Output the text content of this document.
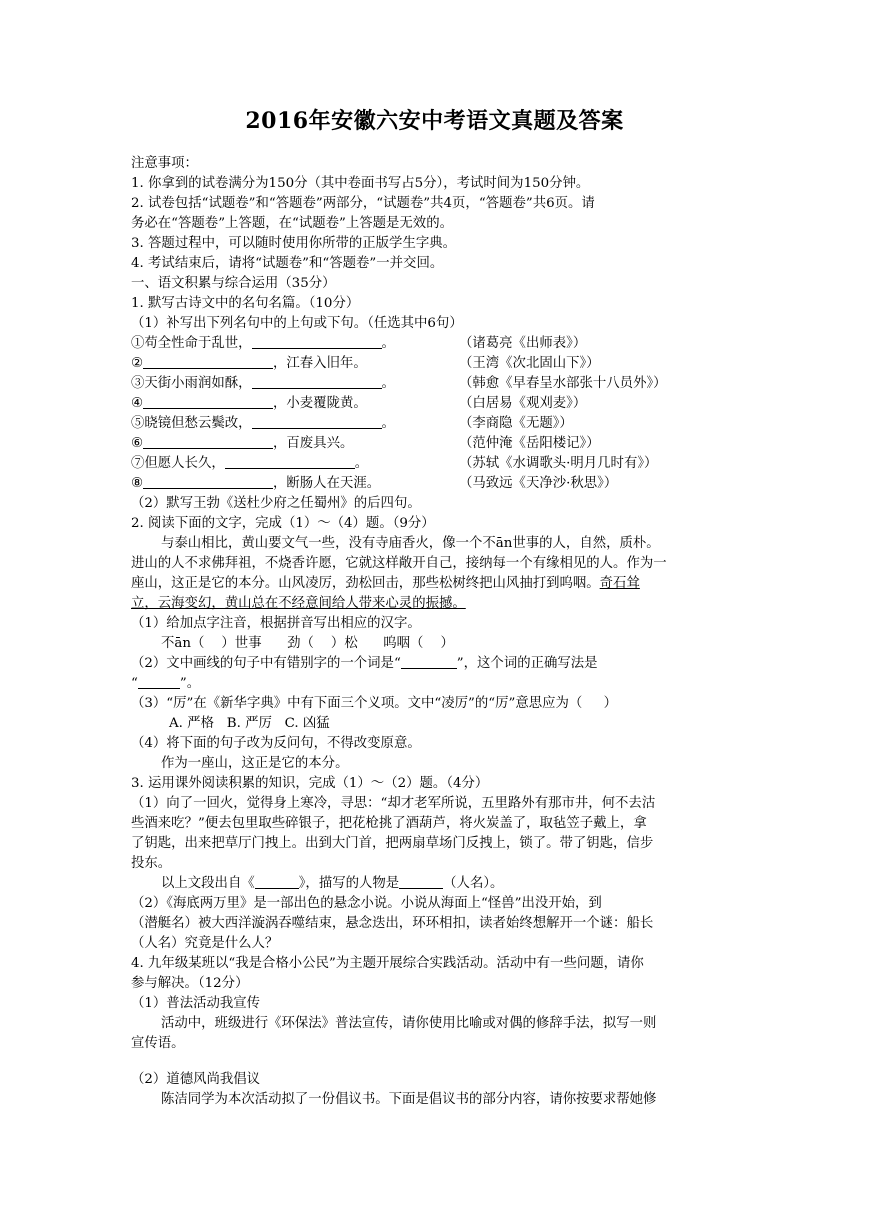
2016年安徽六安中考语文真题及答案
注意事项：
1. 你拿到的试卷满分为150分（其中卷面书写占5分），考试时间为150分钟。
2. 试卷包括“试题卷”和“答题卷”两部分，“试题卷”共4页，“答题卷”共6页。请
务必在“答题卷”上答题，在“试题卷”上答题是无效的。
3. 答题过程中，可以随时使用你所带的正版学生字典。
4. 考试结束后，请将“试题卷”和“答题卷”一并交回。
一、语文积累与综合运用（35分）
1. 默写古诗文中的名句名篇。（10分）
（1）补写出下列名句中的上句或下句。（任选其中6句）
①苟全性命于乱世，	。	（诸葛亮《出师表》）
②	，江春入旧年。	（王湾《次北固山下》）
③天街小雨润如酥，	。	（韩愈《早春呈水部张十八员外》）
④	，小麦覆陇黄。	（白居易《观刈麦》）
⑤晓镜但愁云鬓改，	。	（李商隐《无题》）
⑥	，百废具兴。	（范仲淹《岳阳楼记》）
⑦但愿人长久，	。	（苏轼《水调歌头·明月几时有》）
⑧	，断肠人在天涯。	（马致远《天净沙·秋思》）
（2）默写王勃《送杜少府之任蜀州》的后四句。
2. 阅读下面的文字，完成（1）～（4）题。（9分）
与泰山相比，黄山要文气一些，没有寺庙香火，像一个不ān世事的人，自然，质朴。
进山的人不求佛拜祖，不烧香许愿，它就这样敞开自己，接纳每一个有缘相见的人。作为一
座山，这正是它的本分。山风凌厉，劲松回击，那些松树终把山风抽打到呜咽。奇石耸
立，云海变幻，黄山总在不经意间给人带来心灵的振撼。
（1）给加点字注音，根据拼音写出相应的汉字。
不ān（    ）世事      劲（    ）松      呜咽（    ）
（2）文中画线的句子中有错别字的一个词是“	”，这个词的正确写法是
“	”。
（3）“厉”在《新华字典》中有下面三个义项。文中“凌厉”的“厉”意思应为（     ）
A. 严格   B. 严厉   C. 凶猛
（4）将下面的句子改为反问句，不得改变原意。
作为一座山，这正是它的本分。
3. 运用课外阅读积累的知识，完成（1）～（2）题。（4分）
（1）向了一回火，觉得身上寒冷，寻思：“却才老军所说，五里路外有那市井，何不去沽
些酒来吃？”便去包里取些碎银子，把花枪挑了酒葫芦，将火炭盖了，取毡笠子戴上，拿
了钥匙，出来把草厅门拽上。出到大门首，把两扇草场门反拽上，锁了。带了钥匙，信步
投东。
以上文段出自《	》，描写的人物是	（人名）。
（2）《海底两万里》是一部出色的悬念小说。小说从海面上“怪兽”出没开始，到
（潜艇名）被大西洋漩涡吞噬结束，悬念迭出，环环相扣，读者始终想解开一个谜：船长
（人名）究竟是什么人？
4. 九年级某班以“我是合格小公民”为主题开展综合实践活动。活动中有一些问题，请你
参与解决。（12分）
（1）普法活动我宣传
活动中，班级进行《环保法》普法宣传，请你使用比喻或对偶的修辞手法，拟写一则
宣传语。
（2）道德风尚我倡议
陈洁同学为本次活动拟了一份倡议书。下面是倡议书的部分内容，请你按要求帮她修
